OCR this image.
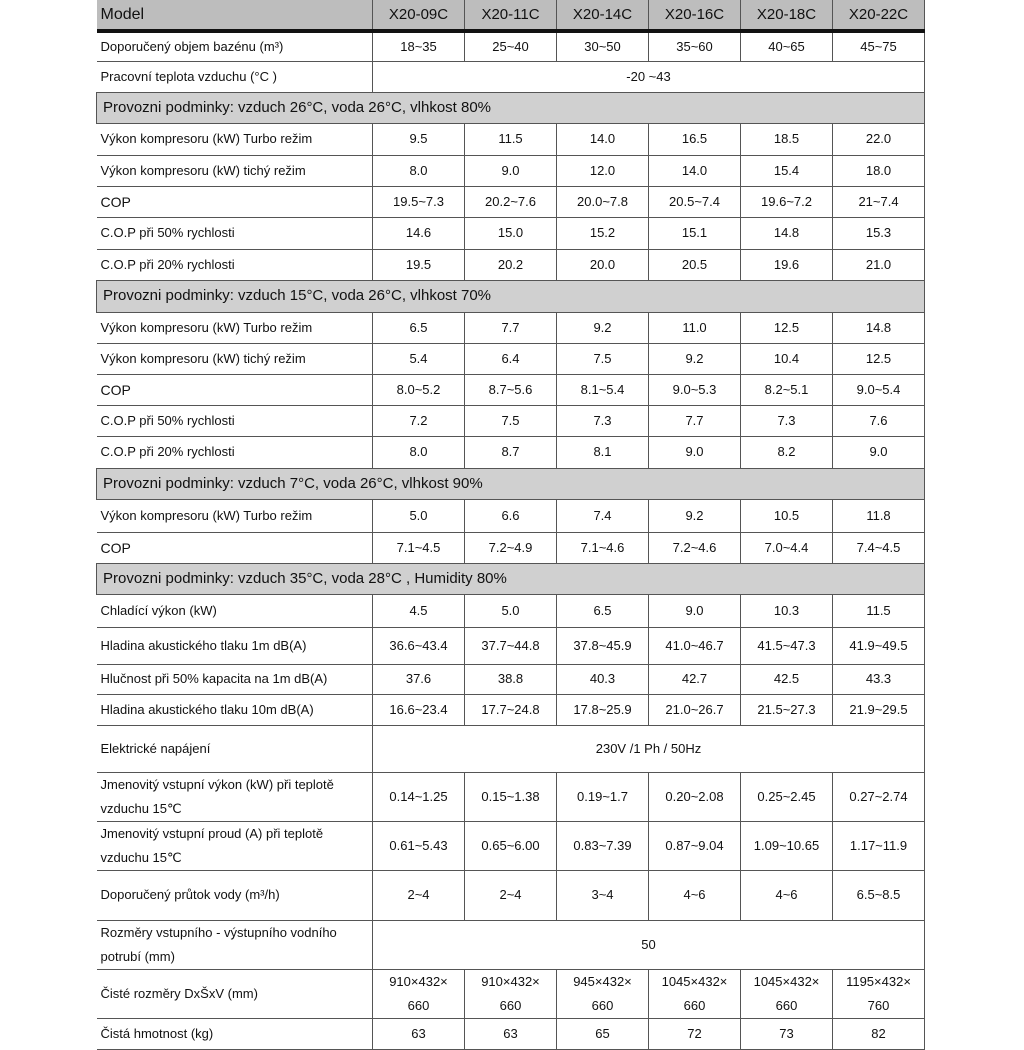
Model	X20-09C	X20-11C	X20-14C	X20-16C	X20-18C	X20-22C
Doporučený objem bazénu (m³)	18~35	25~40	30~50	35~60	40~65	45~75
Pracovní teplota vzduchu (°C )	-20 ~43					
Provozni podminky: vzduch 26°C, voda 26°C, vlhkost 80%						
Výkon kompresoru (kW) Turbo režim	9.5	11.5	14.0	16.5	18.5	22.0
Výkon kompresoru (kW) tichý režim	8.0	9.0	12.0	14.0	15.4	18.0
COP	19.5~7.3	20.2~7.6	20.0~7.8	20.5~7.4	19.6~7.2	21~7.4
C.O.P při 50% rychlosti	14.6	15.0	15.2	15.1	14.8	15.3
C.O.P při 20% rychlosti	19.5	20.2	20.0	20.5	19.6	21.0
Provozni podminky: vzduch 15°C, voda 26°C, vlhkost 70%						
Výkon kompresoru (kW) Turbo režim	6.5	7.7	9.2	11.0	12.5	14.8
Výkon kompresoru (kW) tichý režim	5.4	6.4	7.5	9.2	10.4	12.5
COP	8.0~5.2	8.7~5.6	8.1~5.4	9.0~5.3	8.2~5.1	9.0~5.4
C.O.P při 50% rychlosti	7.2	7.5	7.3	7.7	7.3	7.6
C.O.P při 20% rychlosti	8.0	8.7	8.1	9.0	8.2	9.0
Provozni podminky: vzduch 7°C, voda 26°C, vlhkost 90%						
Výkon kompresoru (kW) Turbo režim	5.0	6.6	7.4	9.2	10.5	11.8
COP	7.1~4.5	7.2~4.9	7.1~4.6	7.2~4.6	7.0~4.4	7.4~4.5
Provozni podminky: vzduch 35°C, voda 28°C , Humidity 80%						
Chladící výkon (kW)	4.5	5.0	6.5	9.0	10.3	11.5
Hladina akustického tlaku 1m dB(A)	36.6~43.4	37.7~44.8	37.8~45.9	41.0~46.7	41.5~47.3	41.9~49.5
Hlučnost při 50% kapacita na 1m dB(A)	37.6	38.8	40.3	42.7	42.5	43.3
Hladina akustického tlaku 10m dB(A)	16.6~23.4	17.7~24.8	17.8~25.9	21.0~26.7	21.5~27.3	21.9~29.5
Elektrické napájení	230V /1 Ph / 50Hz					
Jmenovitý vstupní výkon (kW) při teplotě vzduchu 15℃	0.14~1.25	0.15~1.38	0.19~1.7	0.20~2.08	0.25~2.45	0.27~2.74
Jmenovitý vstupní proud (A) při teplotě vzduchu 15℃	0.61~5.43	0.65~6.00	0.83~7.39	0.87~9.04	1.09~10.65	1.17~11.9
Doporučený průtok vody (m³/h)	2~4	2~4	3~4	4~6	4~6	6.5~8.5
Rozměry vstupního - výstupního vodního potrubí (mm)	50					
Čisté rozměry DxŠxV (mm)	910×432× 660	910×432× 660	945×432× 660	1045×432× 660	1045×432× 660	1195×432× 760
Čistá hmotnost (kg)	63	63	65	72	73	82
